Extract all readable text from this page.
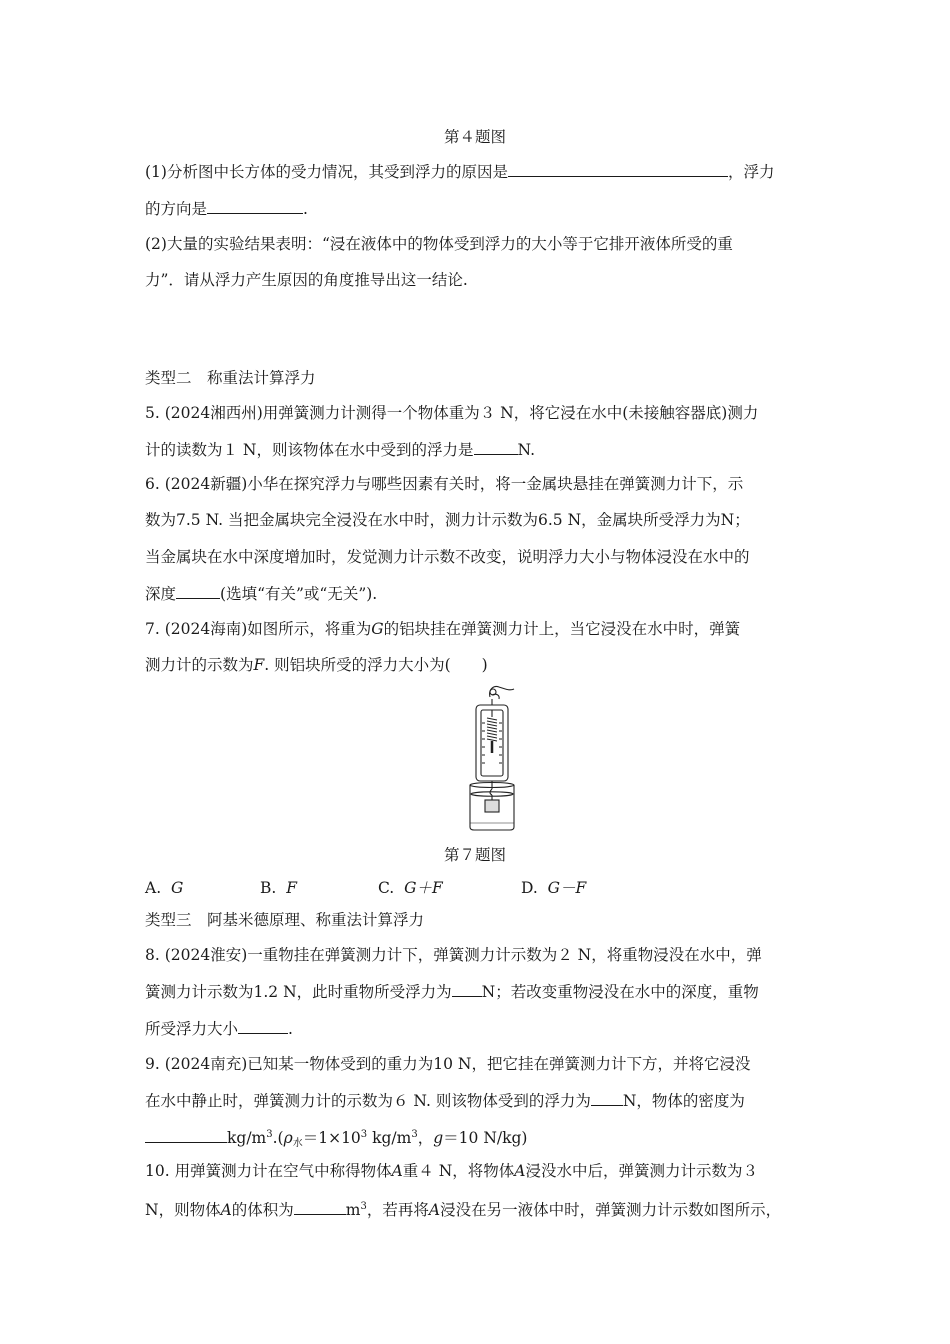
第４题图
(1)分析图中长方体的受力情况，其受到浮力的原因是	，浮力
的方向是	.
(2)大量的实验结果表明：“浸在液体中的物体受到浮力的大小等于它排开液体所受的重
力”．请从浮力产生原因的角度推导出这一结论.
类型二　称重法计算浮力
5. (2024湘西州)用弹簧测力计测得一个物体重为３ N，将它浸在水中(未接触容器底)测力
计的读数为１ N，则该物体在水中受到的浮力是	N.
6. (2024新疆)小华在探究浮力与哪些因素有关时，将一金属块悬挂在弹簧测力计下，示
数为7.5 N. 当把金属块完全浸没在水中时，测力计示数为6.5 N，金属块所受浮力为N；
当金属块在水中深度增加时，发觉测力计示数不改变，说明浮力大小与物体浸没在水中的
深度	(选填“有关”或“无关”).
7. (2024海南)如图所示，将重为G的铝块挂在弹簧测力计上，当它浸没在水中时，弹簧
测力计的示数为F. 则铝块所受的浮力大小为(　　)
第７题图
A. G	B. F	C. G＋F	D. G－F
类型三　阿基米德原理、称重法计算浮力
8. (2024淮安)一重物挂在弹簧测力计下，弹簧测力计示数为２ N，将重物浸没在水中，弹
簧测力计示数为1.2 N，此时重物所受浮力为 N；若改变重物浸没在水中的深度，重物
所受浮力大小	.
9. (2024南充)已知某一物体受到的重力为10 N，把它挂在弹簧测力计下方，并将它浸没
在水中静止时，弹簧测力计的示数为６ N. 则该物体受到的浮力为 N，物体的密度为
$kg/m^3.(\rho_水=1\times 10^3$ $kg/m^3$，g＝10 N/kg)
10. 用弹簧测力计在空气中称得物体A重４ N，将物体A浸没水中后，弹簧测力计示数为３
N，则物体A的体积为	$m^3$，若再将A浸没在另一液体中时，弹簧测力计示数如图所示，
